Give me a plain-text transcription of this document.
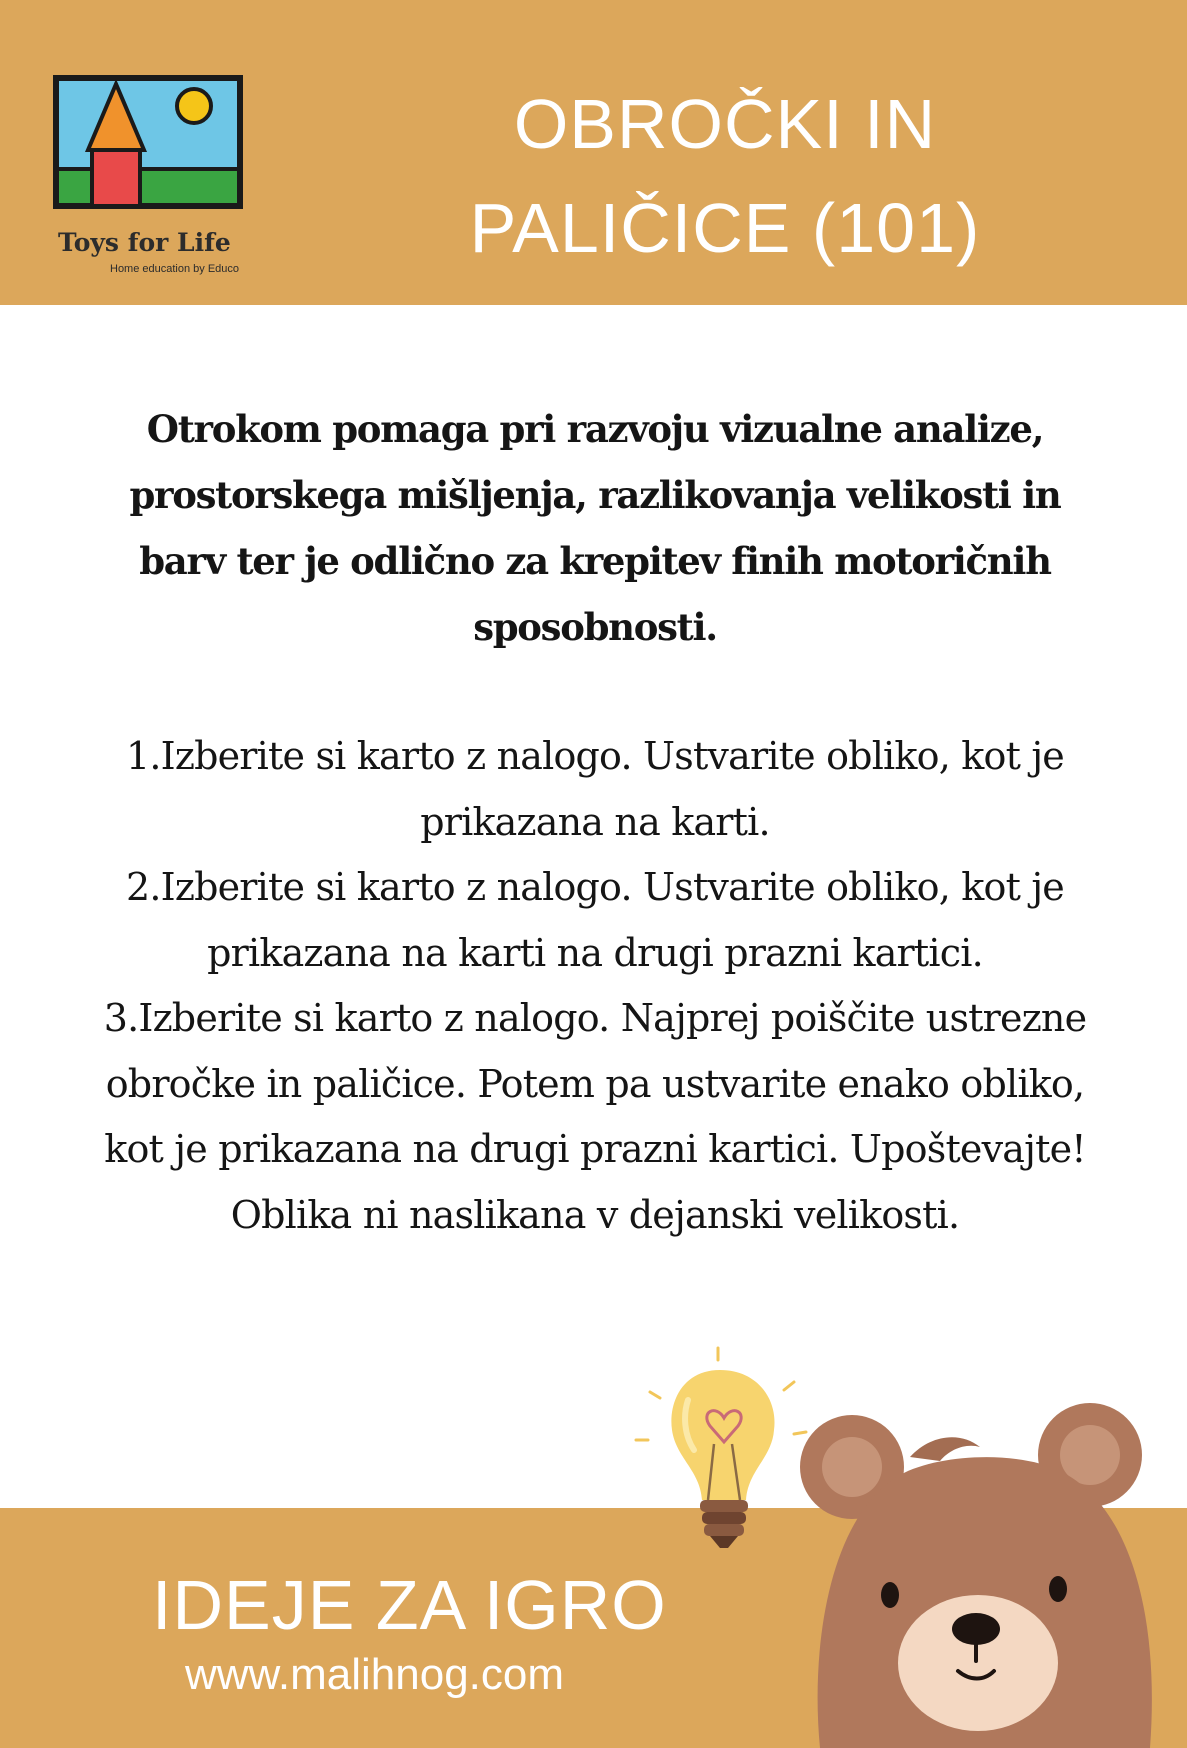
Toys for Life
Home education by Educo
OBROČKI IN
PALIČICE (101)
Otrokom pomaga pri razvoju vizualne analize, prostorskega mišljenja, razlikovanja velikosti in barv ter je odlično za krepitev finih motoričnih sposobnosti.

1.Izberite si karto z nalogo. Ustvarite obliko, kot je prikazana na karti.

2.Izberite si karto z nalogo. Ustvarite obliko, kot je prikazana na karti na drugi prazni kartici.

3.Izberite si karto z nalogo. Najprej poiščite ustrezne obročke in paličice. Potem pa ustvarite enako obliko, kot je prikazana na drugi prazni kartici. Upoštevajte! Oblika ni naslikana v dejanski velikosti.

IDEJE ZA IGRO
www.malihnog.com
